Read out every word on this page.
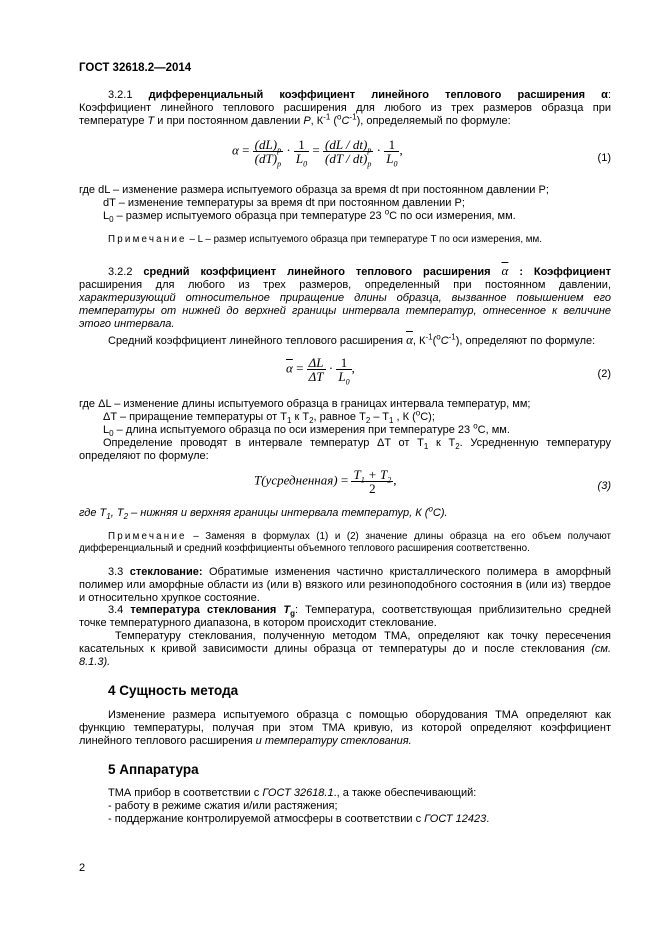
ГОСТ 32618.2—2014
3.2.1 дифференциальный коэффициент линейного теплового расширения α:
Коэффициент линейного теплового расширения для любого из трех размеров образца при
температуре T и при постоянном давлении P, $К^{-1}$ $(^oC^{-1})$, определяемый по формуле:
$\alpha = \frac{(dL)_p}{(dT)_p} \cdot \frac{1}{L_0} = \frac{(dL / dt)_p}{(dT / dt)_p} \cdot \frac{1}{L_0}$ ,
(1)
где dL – изменение размера испытуемого образца за время dt при постоянном давлении P;
dT – изменение температуры за время dt при постоянном давлении P;
$L_0$ – размер испытуемого образца при температуре 23 $^o$C по оси измерения, мм.
Примечание – L – размер испытуемого образца при температуре T по оси измерения, мм.
3.2.2 средний коэффициент линейного теплового расширения $\overline{\alpha}$ : Коэффициент
расширения для любого из трех размеров, определенный при постоянном давлении,
характеризующий относительное приращение длины образца, вызванное повышением его
температуры от нижней до верхней границы интервала температур, отнесенное к величине
этого интервала.
Средний коэффициент линейного теплового расширения $\overline{\alpha}$, $К^{-1}(^oC^{-1})$, определяют по формуле:
$\overline{\alpha} = \frac{\Delta L}{\Delta T} \cdot \frac{1}{L_0}$ ,	(2)
где ΔL – изменение длины испытуемого образца в границах интервала температур, мм;
ΔT – приращение температуры от $T_1$ к $T_2$, равное $T_2 - T_1$ , К ($^o$C);
$L_0$ – длина испытуемого образца по оси измерения при температуре 23 $^o$C, мм.
Определение проводят в интервале температур ΔT от $T_1$ к $T_2$. Усредненную температуру
определяют по формуле:
T(усредненная) = $\frac{T_1 + T_2}{2}$ ,	(3)
где $T_1$, $T_2$ – нижняя и верхняя границы интервала температур, К ($^o$C).
Примечание – Заменяя в формулах (1) и (2) значение длины образца на его объем получают
дифференциальный и средний коэффициенты объемного теплового расширения соответственно.
3.3 стеклование: Обратимые изменения частично кристаллического полимера в аморфный
полимер или аморфные области из (или в) вязкого или резиноподобного состояния в (или из) твердое
и относительно хрупкое состояние.
3.4 температура стеклования $T_g$: Температура, соответствующая приблизительно средней
точке температурного диапазона, в котором происходит стеклование.
Температуру стеклования, полученную методом ТМА, определяют как точку пересечения
касательных к кривой зависимости длины образца от температуры до и после стеклования (см.
8.1.3).
4 Сущность метода
Изменение размера испытуемого образца с помощью оборудования ТМА определяют как
функцию температуры, получая при этом ТМА кривую, из которой определяют коэффициент
линейного теплового расширения и температуру стеклования.
5 Аппаратура
ТМА прибор в соответствии с ГОСТ 32618.1., а также обеспечивающий:
- работу в режиме сжатия и/или растяжения;
- поддержание контролируемой атмосферы в соответствии с ГОСТ 12423.
2
